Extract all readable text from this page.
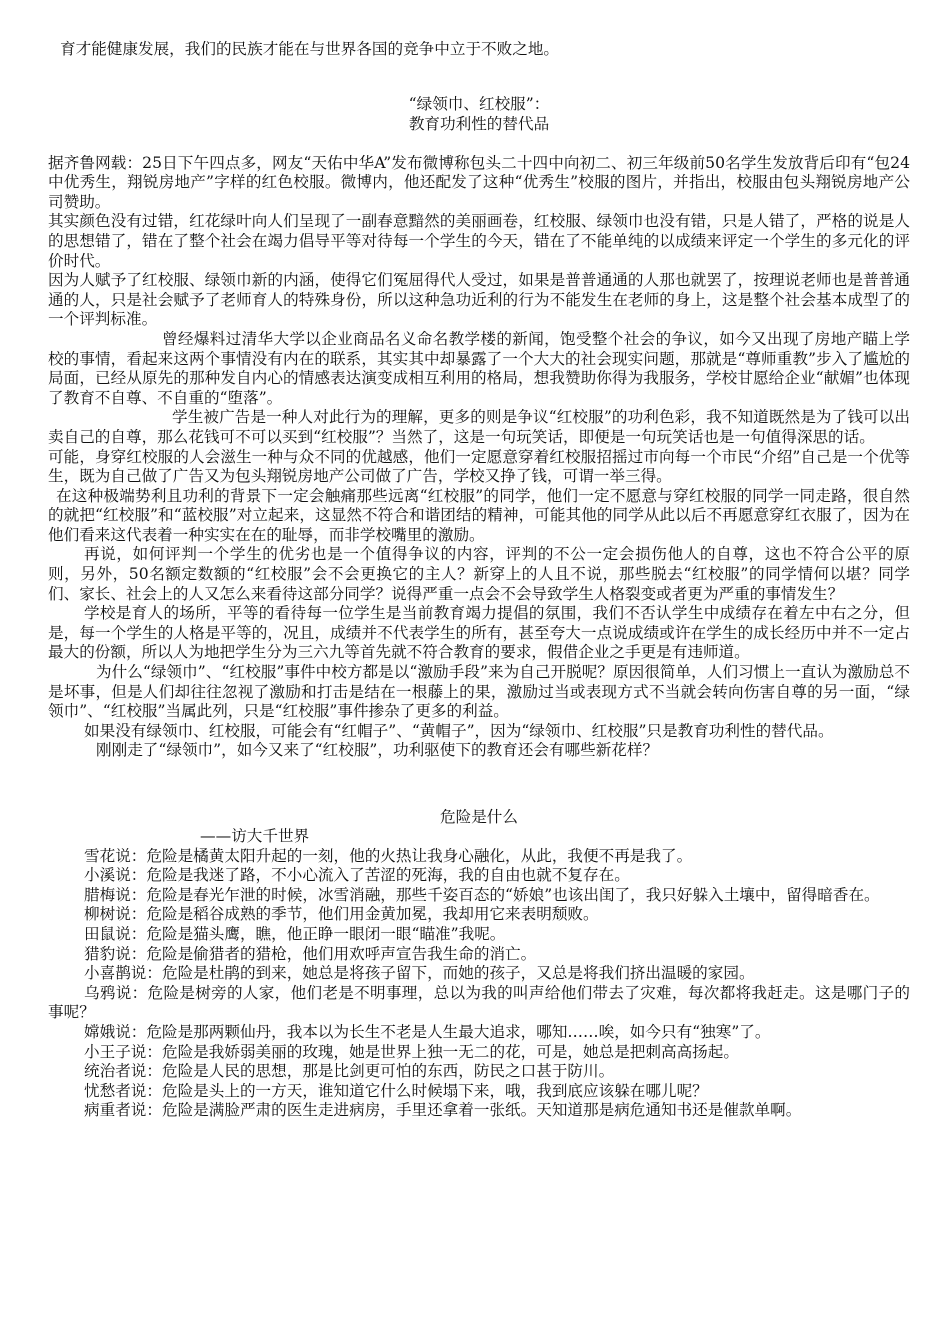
育才能健康发展，我们的民族才能在与世界各国的竞争中立于不败之地。

“绿领巾、红校服”：
教育功利性的替代品

据齐鲁网载：25日下午四点多，网友“天佑中华A”发布微博称包头二十四中向初二、初三年级前50名学生发放背后印有“包24中优秀生，翔锐房地产”字样的红色校服。微博内，他还配发了这种“优秀生”校服的图片，并指出，校服由包头翔锐房地产公司赞助。

其实颜色没有过错，红花绿叶向人们呈现了一副春意黯然的美丽画卷，红校服、绿领巾也没有错，只是人错了，严格的说是人的思想错了，错在了整个社会在竭力倡导平等对待每一个学生的今天，错在了不能单纯的以成绩来评定一个学生的多元化的评价时代。

因为人赋予了红校服、绿领巾新的内涵，使得它们冤屈得代人受过，如果是普普通通的人那也就罢了，按理说老师也是普普通通的人，只是社会赋予了老师育人的特殊身份，所以这种急功近利的行为不能发生在老师的身上，这是整个社会基本成型了的一个评判标准。

曾经爆料过清华大学以企业商品名义命名教学楼的新闻，饱受整个社会的争议，如今又出现了房地产瞄上学校的事情，看起来这两个事情没有内在的联系，其实其中却暴露了一个大大的社会现实问题，那就是“尊师重教”步入了尴尬的局面，已经从原先的那种发自内心的情感表达演变成相互利用的格局，想我赞助你得为我服务，学校甘愿给企业“献媚”也体现了教育不自尊、不自重的“堕落”。

学生被广告是一种人对此行为的理解，更多的则是争议“红校服”的功利色彩，我不知道既然是为了钱可以出卖自己的自尊，那么花钱可不可以买到“红校服”？当然了，这是一句玩笑话，即便是一句玩笑话也是一句值得深思的话。

可能，身穿红校服的人会滋生一种与众不同的优越感，他们一定愿意穿着红校服招摇过市向每一个市民“介绍”自己是一个优等生，既为自己做了广告又为包头翔锐房地产公司做了广告，学校又挣了钱，可谓一举三得。

在这种极端势利且功利的背景下一定会触痛那些远离“红校服”的同学，他们一定不愿意与穿红校服的同学一同走路，很自然的就把“红校服”和“蓝校服”对立起来，这显然不符合和谐团结的精神，可能其他的同学从此以后不再愿意穿红衣服了，因为在他们看来这代表着一种实实在在的耻辱，而非学校嘴里的激励。

再说，如何评判一个学生的优劣也是一个值得争议的内容，评判的不公一定会损伤他人的自尊，这也不符合公平的原则，另外，50名额定数额的“红校服”会不会更换它的主人？新穿上的人且不说，那些脱去“红校服”的同学情何以堪？同学们、家长、社会上的人又怎么来看待这部分同学？说得严重一点会不会导致学生人格裂变或者更为严重的事情发生？

学校是育人的场所，平等的看待每一位学生是当前教育竭力提倡的氛围，我们不否认学生中成绩存在着左中右之分，但是，每一个学生的人格是平等的，况且，成绩并不代表学生的所有，甚至夸大一点说成绩或许在学生的成长经历中并不一定占最大的份额，所以人为地把学生分为三六九等首先就不符合教育的要求，假借企业之手更是有违师道。

为什么“绿领巾”、“红校服”事件中校方都是以“激励手段”来为自己开脱呢？原因很简单，人们习惯上一直认为激励总不是坏事，但是人们却往往忽视了激励和打击是结在一根藤上的果，激励过当或表现方式不当就会转向伤害自尊的另一面，“绿领巾”、“红校服”当属此列，只是“红校服”事件掺杂了更多的利益。

如果没有绿领巾、红校服，可能会有“红帽子”、“黄帽子”，因为“绿领巾、红校服”只是教育功利性的替代品。

刚刚走了“绿领巾”，如今又来了“红校服”，功利驱使下的教育还会有哪些新花样？

危险是什么
——访大千世界

雪花说：危险是橘黄太阳升起的一刻，他的火热让我身心融化，从此，我便不再是我了。

小溪说：危险是我迷了路，不小心流入了苦涩的死海，我的自由也就不复存在。

腊梅说：危险是春光乍泄的时候，冰雪消融，那些千姿百态的“娇娘”也该出闺了，我只好躲入土壤中，留得暗香在。

柳树说：危险是稻谷成熟的季节，他们用金黄加冕，我却用它来表明颓败。

田鼠说：危险是猫头鹰，瞧，他正睁一眼闭一眼“瞄准”我呢。

猎豹说：危险是偷猎者的猎枪，他们用欢呼声宣告我生命的消亡。

小喜鹊说：危险是杜鹃的到来，她总是将孩子留下，而她的孩子，又总是将我们挤出温暖的家园。

乌鸦说：危险是树旁的人家，他们老是不明事理，总以为我的叫声给他们带去了灾难，每次都将我赶走。这是哪门子的事呢？

嫦娥说：危险是那两颗仙丹，我本以为长生不老是人生最大追求，哪知……唉，如今只有“独寒”了。

小王子说：危险是我娇弱美丽的玫瑰，她是世界上独一无二的花，可是，她总是把刺高高扬起。

统治者说：危险是人民的思想，那是比剑更可怕的东西，防民之口甚于防川。

忧愁者说：危险是头上的一方天，谁知道它什么时候塌下来，哦，我到底应该躲在哪儿呢？

病重者说：危险是满脸严肃的医生走进病房，手里还拿着一张纸。天知道那是病危通知书还是催款单啊。
